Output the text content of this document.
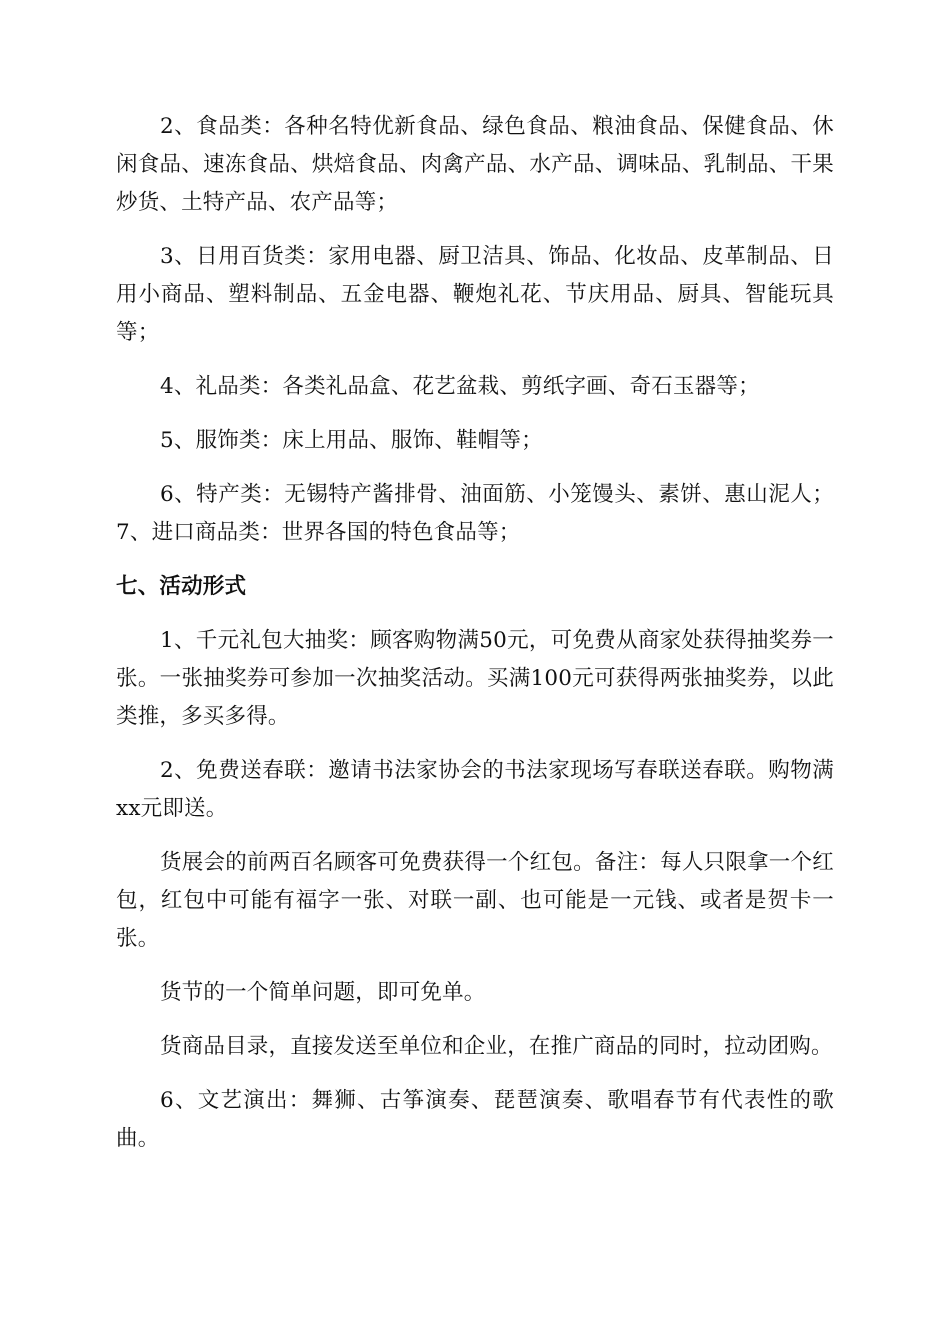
2、食品类：各种名特优新食品、绿色食品、粮油食品、保健食品、休闲食品、速冻食品、烘焙食品、肉禽产品、水产品、调味品、乳制品、干果炒货、土特产品、农产品等；

3、日用百货类：家用电器、厨卫洁具、饰品、化妆品、皮革制品、日用小商品、塑料制品、五金电器、鞭炮礼花、节庆用品、厨具、智能玩具等；

4、礼品类：各类礼品盒、花艺盆栽、剪纸字画、奇石玉器等；

5、服饰类：床上用品、服饰、鞋帽等；

6、特产类：无锡特产酱排骨、油面筋、小笼馒头、素饼、惠山泥人；7、进口商品类：世界各国的特色食品等；

七、活动形式

1、千元礼包大抽奖：顾客购物满50元，可免费从商家处获得抽奖券一张。一张抽奖券可参加一次抽奖活动。买满100元可获得两张抽奖券，以此类推，多买多得。

2、免费送春联：邀请书法家协会的书法家现场写春联送春联。购物满xx元即送。

货展会的前两百名顾客可免费获得一个红包。备注：每人只限拿一个红包，红包中可能有福字一张、对联一副、也可能是一元钱、或者是贺卡一张。

货节的一个简单问题，即可免单。

货商品目录，直接发送至单位和企业，在推广商品的同时，拉动团购。

6、文艺演出：舞狮、古筝演奏、琵琶演奏、歌唱春节有代表性的歌曲。
